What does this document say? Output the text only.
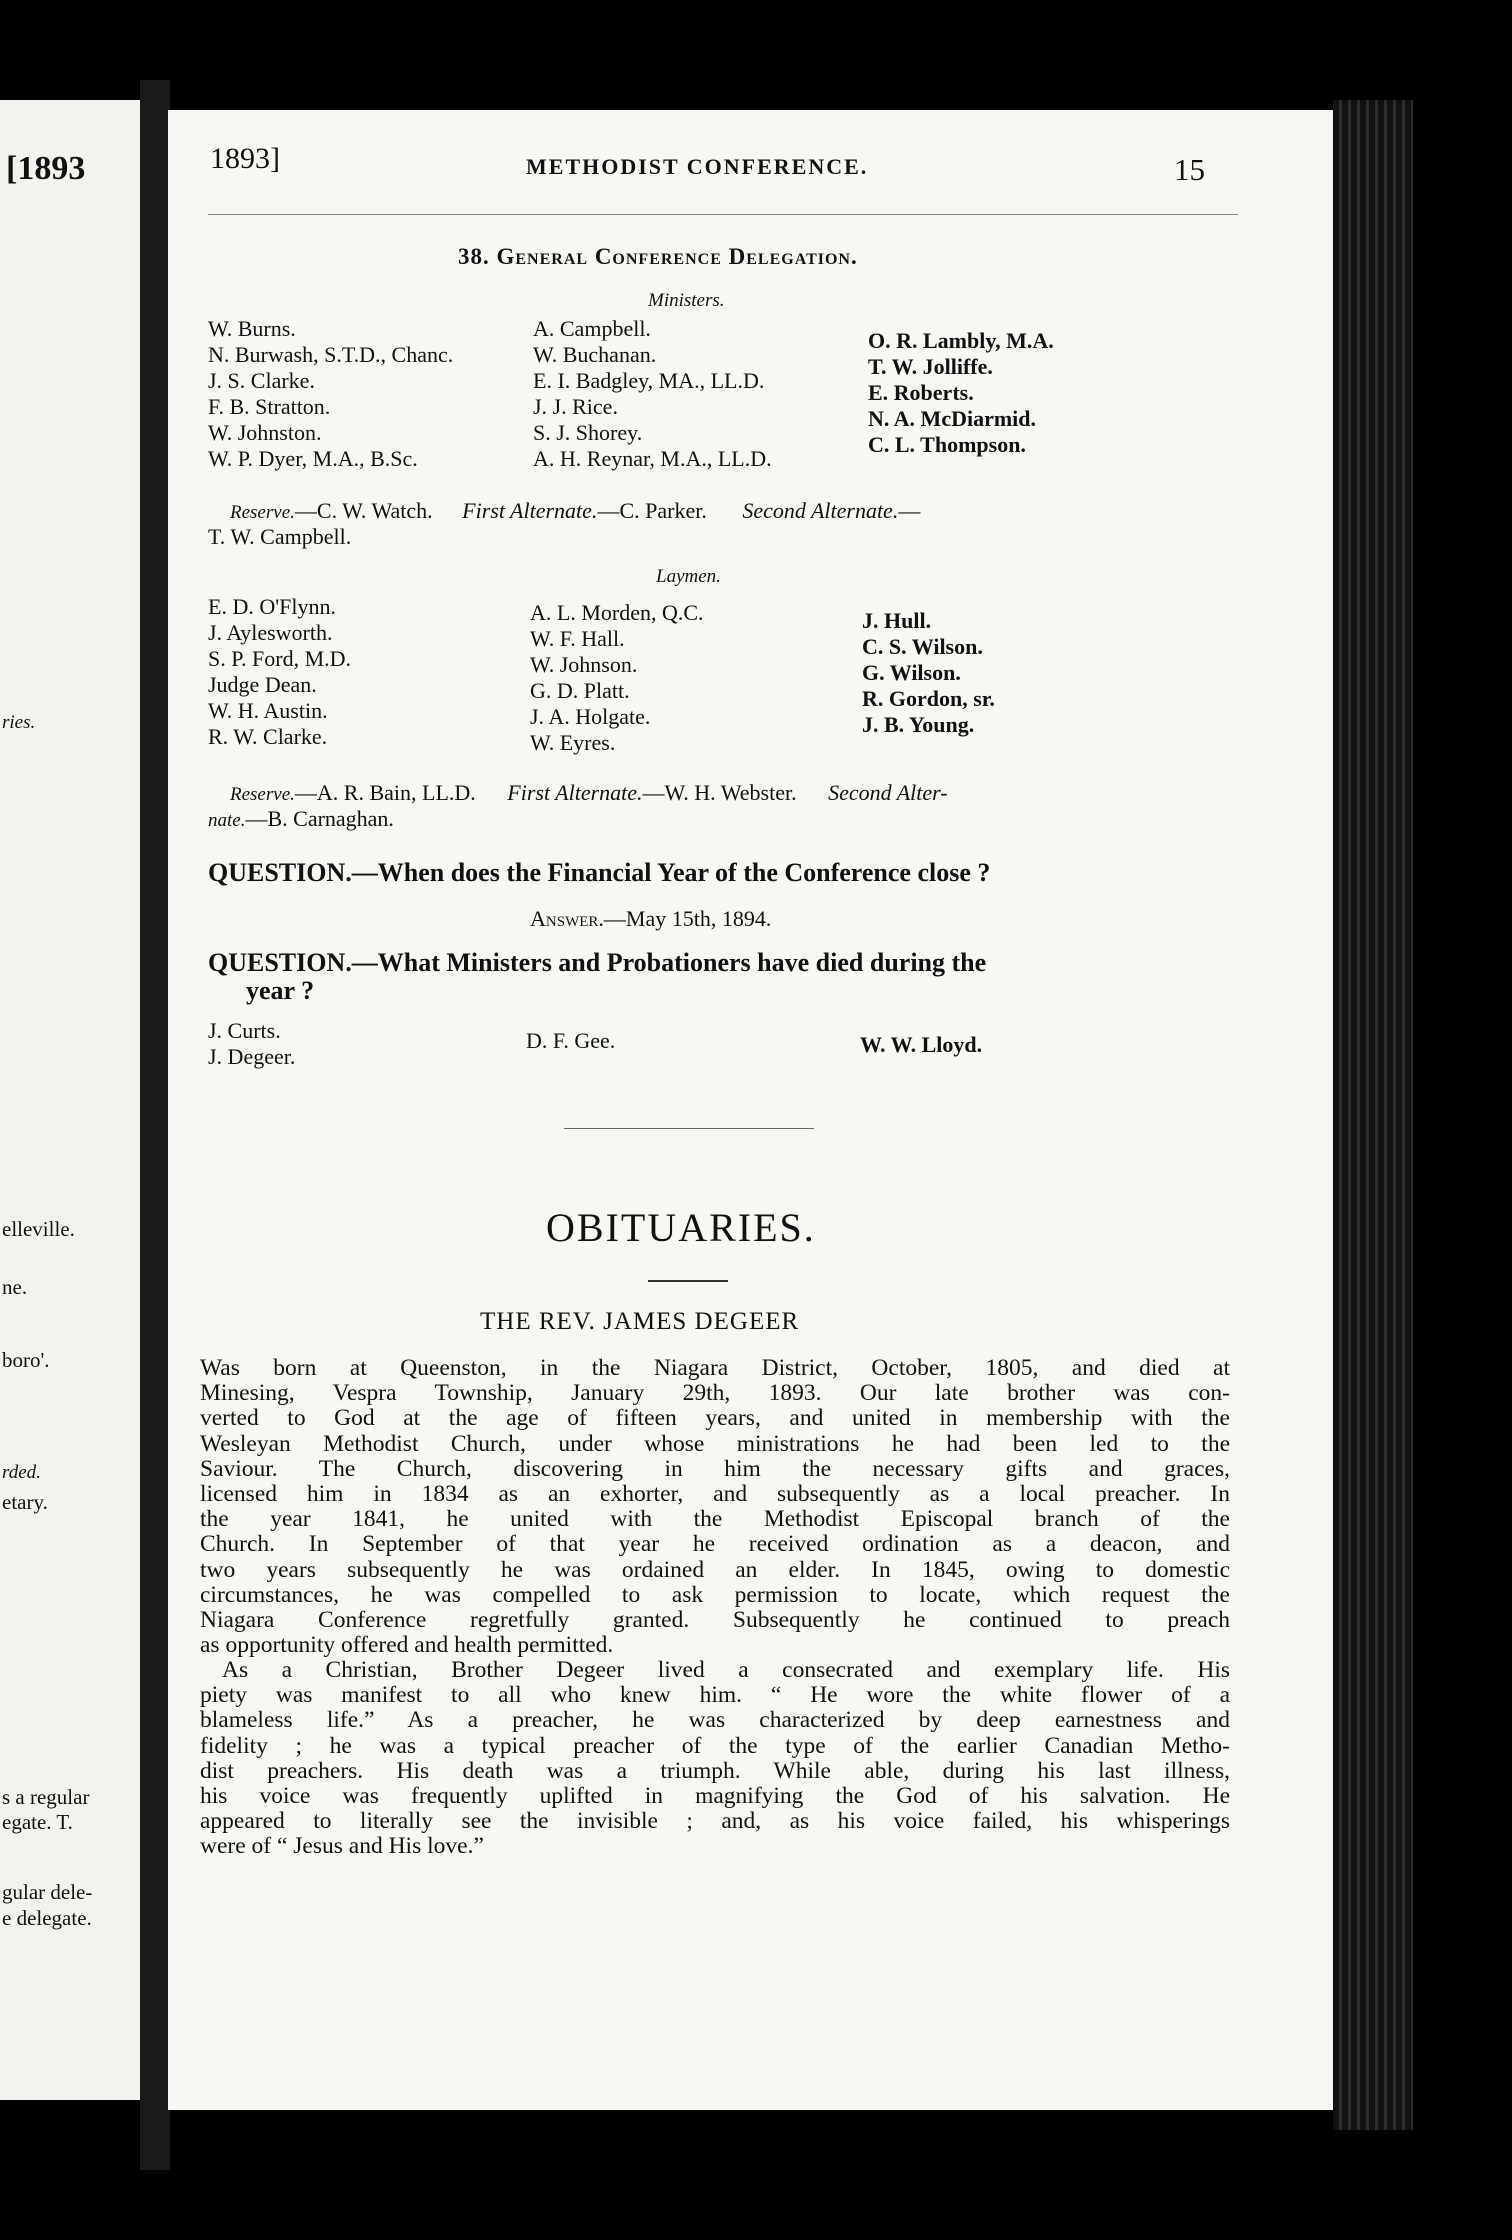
[1893
ries.
elleville.
ne.
boro'.
rded.
etary.
s a regular
egate. T.
gular dele-
e delegate.
1893]	METHODIST CONFERENCE.	15
38. General Conference Delegation.
Ministers.
W. Burns.
N. Burwash, S.T.D., Chanc.
J. S. Clarke.
F. B. Stratton.
W. Johnston.
W. P. Dyer, M.A., B.Sc.
A. Campbell.
W. Buchanan.
E. I. Badgley, MA., LL.D.
J. J. Rice.
S. J. Shorey.
A. H. Reynar, M.A., LL.D.
O. R. Lambly, M.A.
T. W. Jolliffe.
E. Roberts.
N. A. McDiarmid.
C. L. Thompson.
Reserve.—C. W. Watch. First Alternate.—C. Parker. Second Alternate.—
T. W. Campbell.
Laymen.
E. D. O'Flynn.
J. Aylesworth.
S. P. Ford, M.D.
Judge Dean.
W. H. Austin.
R. W. Clarke.
A. L. Morden, Q.C.
W. F. Hall.
W. Johnson.
G. D. Platt.
J. A. Holgate.
W. Eyres.
J. Hull.
C. S. Wilson.
G. Wilson.
R. Gordon, sr.
J. B. Young.
Reserve.—A. R. Bain, LL.D. First Alternate.—W. H. Webster. Second Alter-
nate.—B. Carnaghan.
QUESTION.—When does the Financial Year of the Conference close ?
Answer.—May 15th, 1894.
QUESTION.—What Ministers and Probationers have died during the
year ?
J. Curts.
J. Degeer.
D. F. Gee.	W. W. Lloyd.
OBITUARIES.
THE REV. JAMES DEGEER
Was born at Queenston, in the Niagara District, October, 1805, and died at
Minesing, Vespra Township, January 29th, 1893. Our late brother was con-
verted to God at the age of fifteen years, and united in membership with the
Wesleyan Methodist Church, under whose ministrations he had been led to the
Saviour. The Church, discovering in him the necessary gifts and graces,
licensed him in 1834 as an exhorter, and subsequently as a local preacher. In
the year 1841, he united with the Methodist Episcopal branch of the
Church. In September of that year he received ordination as a deacon, and
two years subsequently he was ordained an elder. In 1845, owing to domestic
circumstances, he was compelled to ask permission to locate, which request the
Niagara Conference regretfully granted. Subsequently he continued to preach
as opportunity offered and health permitted.
As a Christian, Brother Degeer lived a consecrated and exemplary life. His
piety was manifest to all who knew him. “ He wore the white flower of a
blameless life.” As a preacher, he was characterized by deep earnestness and
fidelity ; he was a typical preacher of the type of the earlier Canadian Metho-
dist preachers. His death was a triumph. While able, during his last illness,
his voice was frequently uplifted in magnifying the God of his salvation. He
appeared to literally see the invisible ; and, as his voice failed, his whisperings
were of “ Jesus and His love.”
